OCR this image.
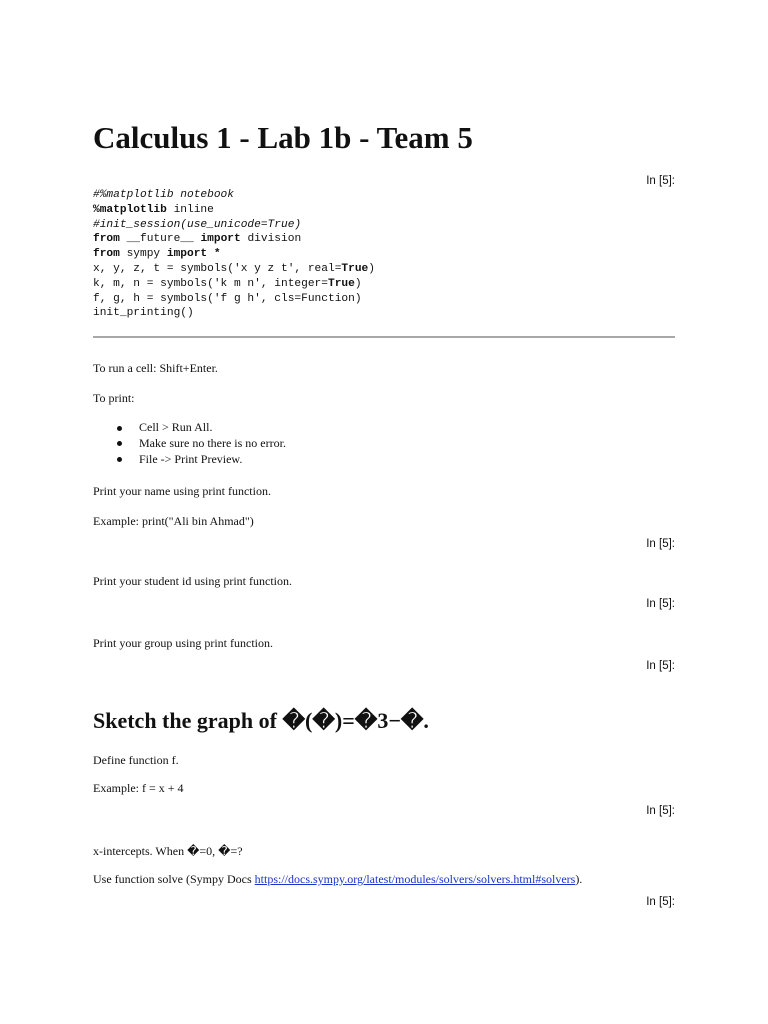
Calculus 1 - Lab 1b - Team 5
In [5]:
#%matplotlib notebook
%matplotlib inline
#init_session(use_unicode=True)
from __future__ import division
from sympy import *
x, y, z, t = symbols('x y z t', real=True)
k, m, n = symbols('k m n', integer=True)
f, g, h = symbols('f g h', cls=Function)
init_printing()
To run a cell: Shift+Enter.
To print:
Cell > Run All.
Make sure no there is no error.
File -> Print Preview.
Print your name using print function.
Example: print("Ali bin Ahmad")
In [5]:
Print your student id using print function.
In [5]:
Print your group using print function.
In [5]:
Sketch the graph of �(�)=�3−�.
Define function f.
Example: f = x + 4
In [5]:
x-intercepts. When �=0, �=?
Use function solve (Sympy Docs https://docs.sympy.org/latest/modules/solvers/solvers.html#solvers).
In [5]:
